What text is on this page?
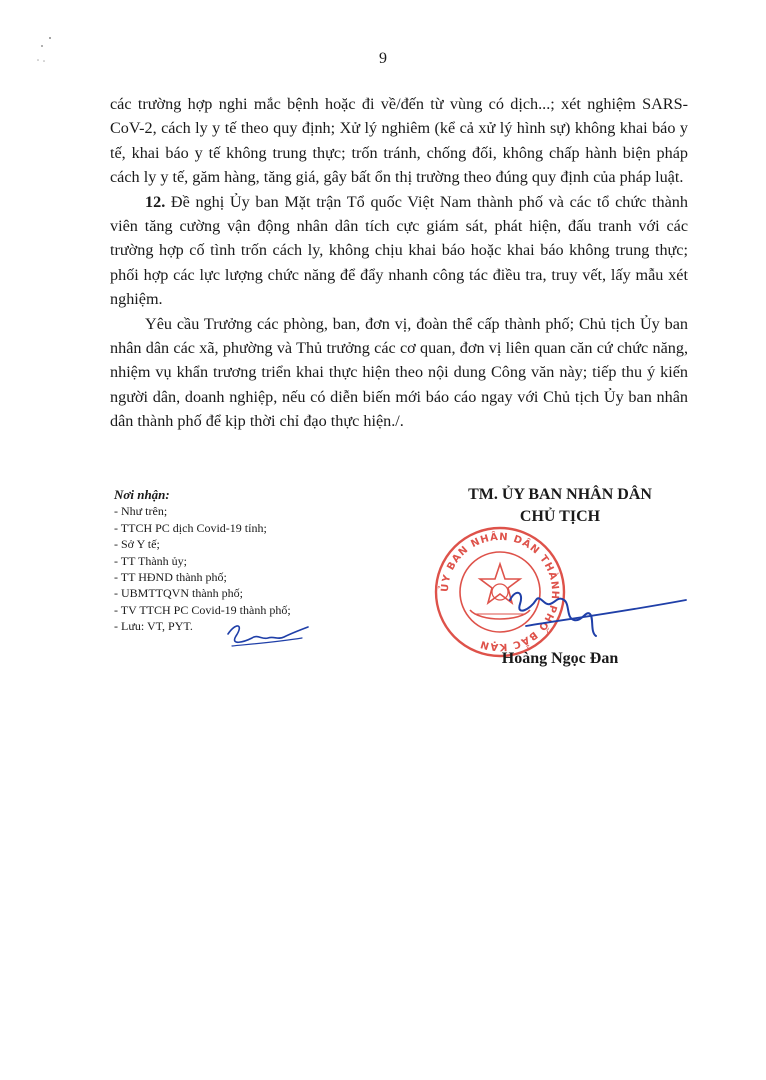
9

các trường hợp nghi mắc bệnh hoặc đi về/đến từ vùng có dịch...; xét nghiệm SARS-CoV-2, cách ly y tế theo quy định; Xử lý nghiêm (kể cả xử lý hình sự) không khai báo y tế, khai báo y tế không trung thực; trốn tránh, chống đối, không chấp hành biện pháp cách ly y tế, găm hàng, tăng giá, gây bất ổn thị trường theo đúng quy định của pháp luật.

12. Đề nghị Ủy ban Mặt trận Tổ quốc Việt Nam thành phố và các tổ chức thành viên tăng cường vận động nhân dân tích cực giám sát, phát hiện, đấu tranh với các trường hợp cố tình trốn cách ly, không chịu khai báo hoặc khai báo không trung thực; phối hợp các lực lượng chức năng để đẩy nhanh công tác điều tra, truy vết, lấy mẫu xét nghiệm.

Yêu cầu Trưởng các phòng, ban, đơn vị, đoàn thể cấp thành phố; Chủ tịch Ủy ban nhân dân các xã, phường và Thủ trưởng các cơ quan, đơn vị liên quan căn cứ chức năng, nhiệm vụ khẩn trương triển khai thực hiện theo nội dung Công văn này; tiếp thu ý kiến người dân, doanh nghiệp, nếu có diễn biến mới báo cáo ngay với Chủ tịch Ủy ban nhân dân thành phố để kịp thời chỉ đạo thực hiện./.

Nơi nhận:
- Như trên;
- TTCH PC dịch Covid-19 tỉnh;
- Sở Y tế;
- TT Thành ủy;
- TT HĐND thành phố;
- UBMTTQVN thành phố;
- TV TTCH PC Covid-19 thành phố;
- Lưu: VT, PYT.
TM. ỦY BAN NHÂN DÂN
CHỦ TỊCH
ỦY BAN NHÂN DÂN THÀNH PHỐ BẮC KẠN
Hoàng Ngọc Đan
